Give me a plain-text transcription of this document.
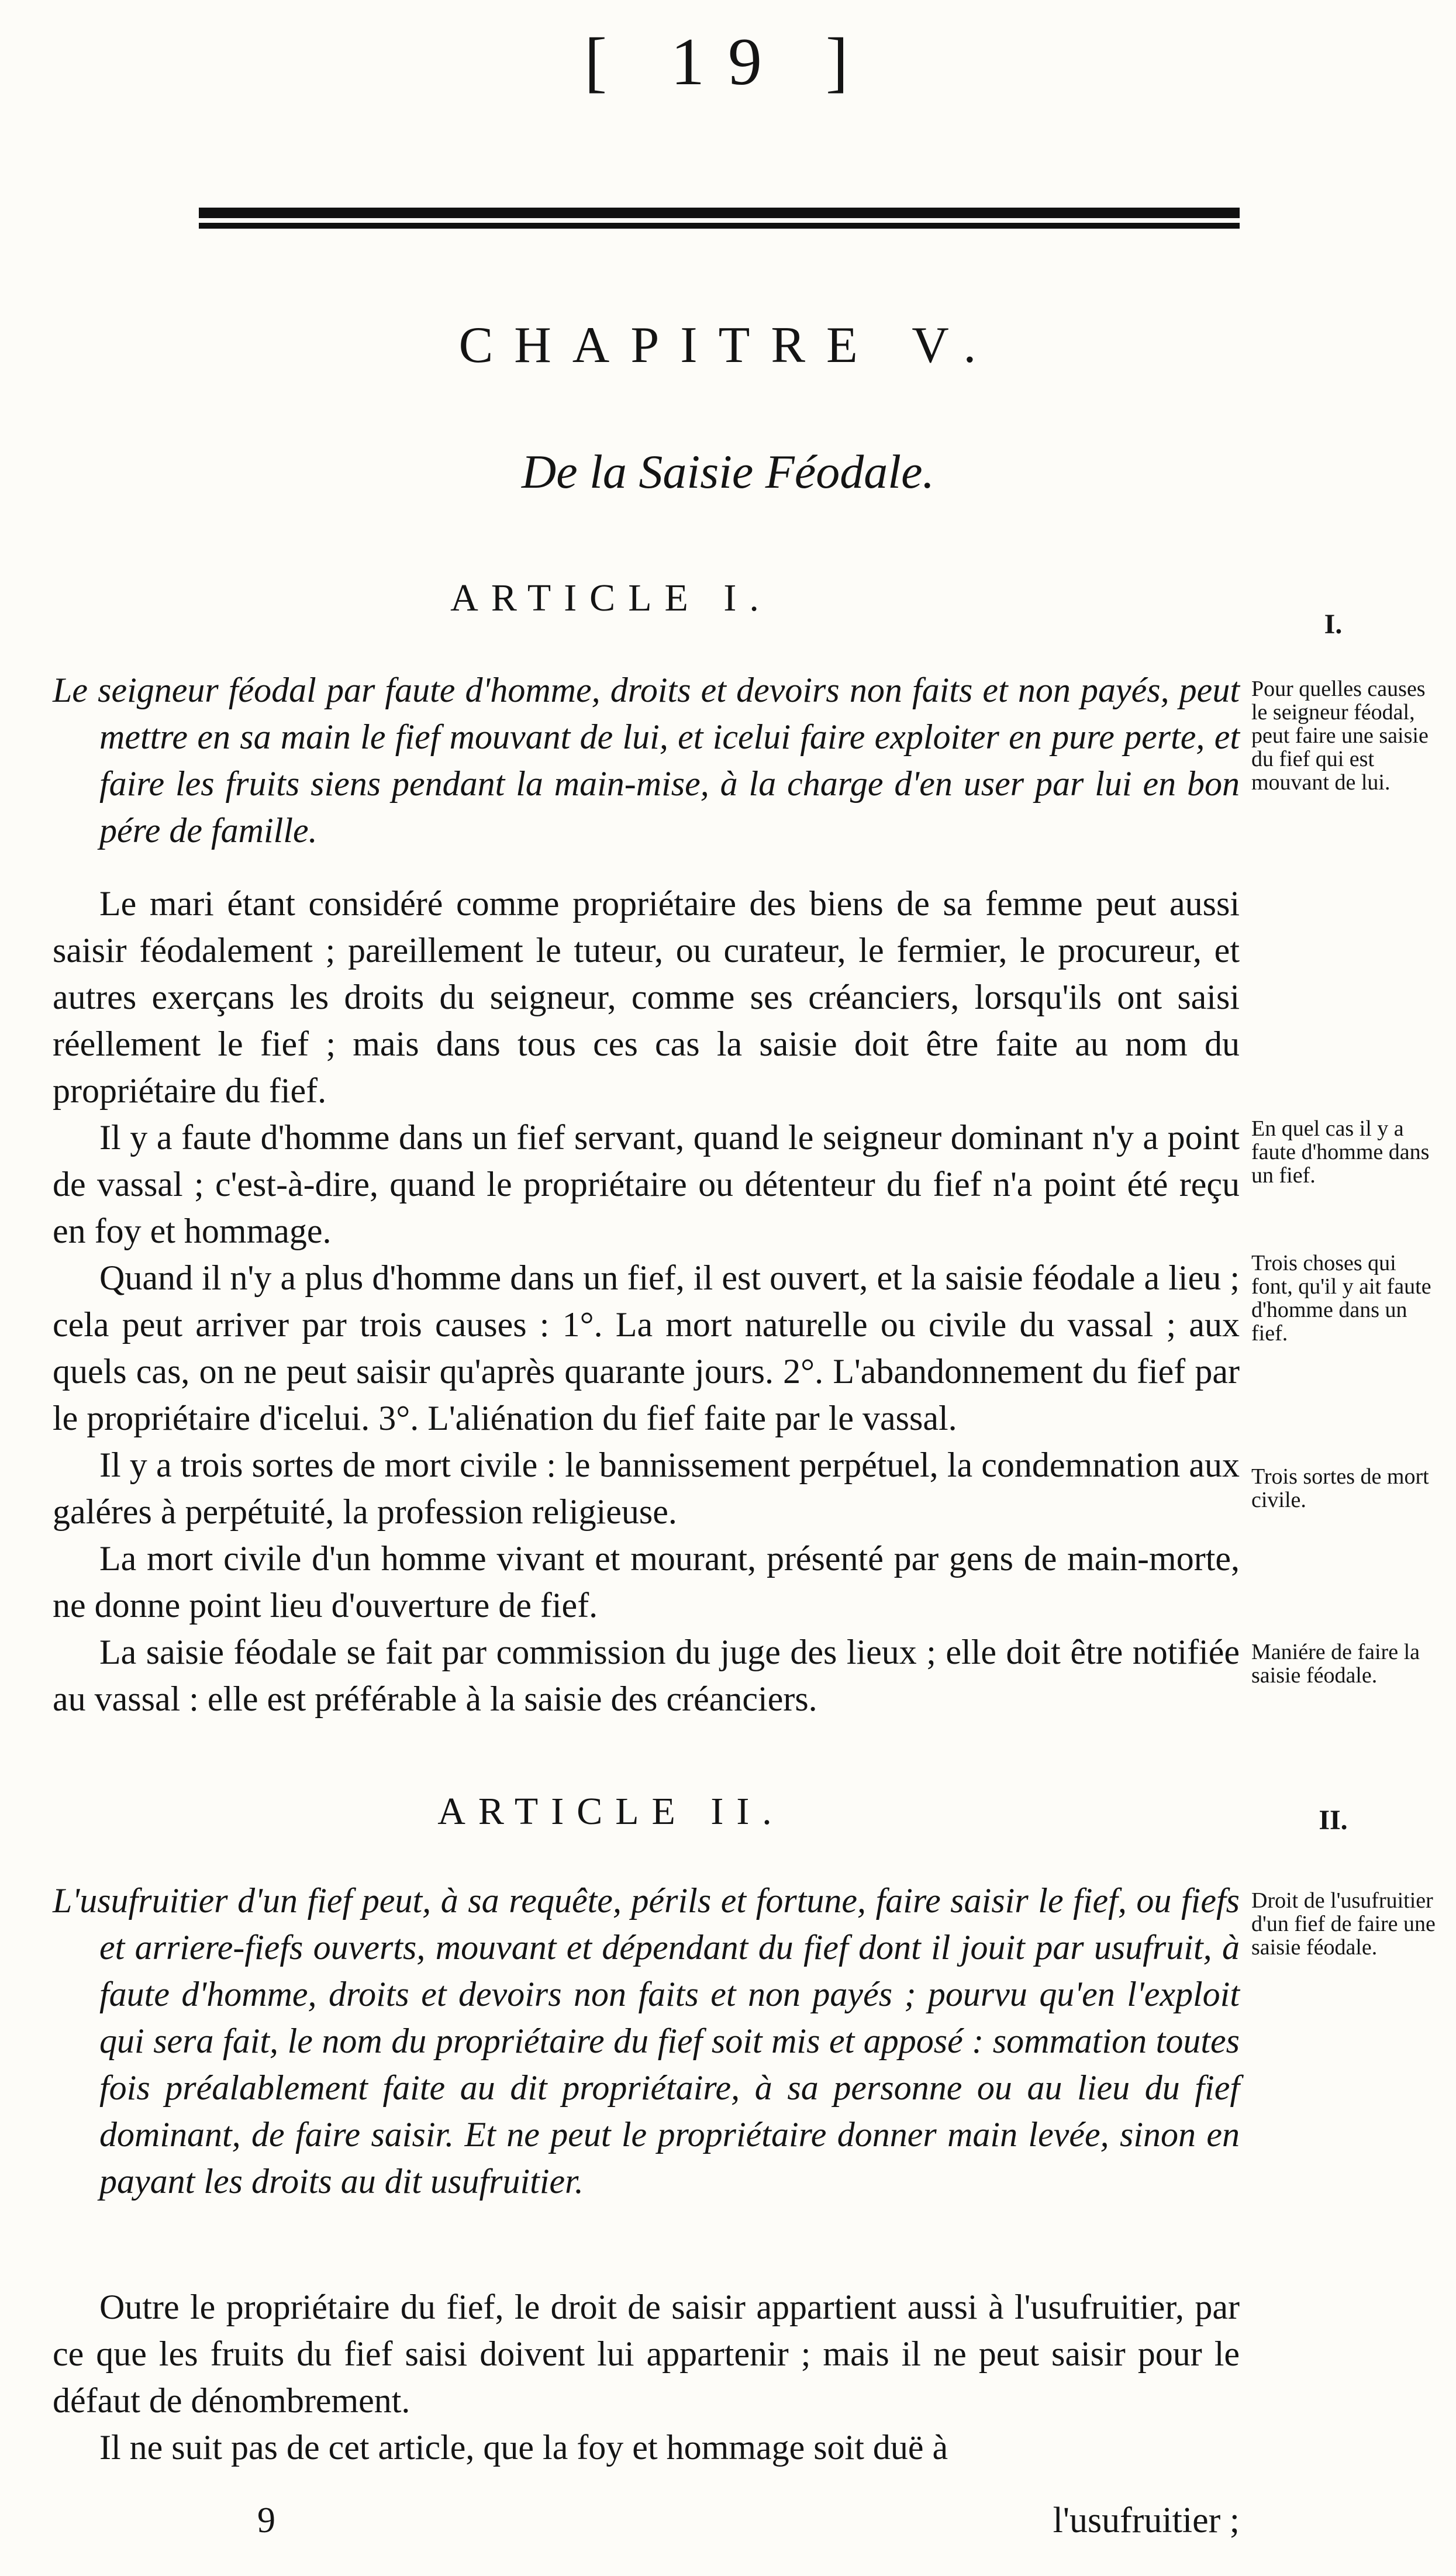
[ 19 ]
CHAPITRE V.
De la Saisie Féodale.
ARTICLE I.
I.
Le seigneur féodal par faute d'homme, droits et devoirs non faits et non payés, peut mettre en sa main le fief mouvant de lui, et icelui faire exploiter en pure perte, et faire les fruits siens pendant la main-mise, à la charge d'en user par lui en bon pére de famille.
Pour quelles causes le seigneur féodal, peut faire une saisie du fief qui est mouvant de lui.

Le mari étant considéré comme propriétaire des biens de sa femme peut aussi saisir féodalement ; pareillement le tuteur, ou curateur, le fermier, le procureur, et autres exerçans les droits du seigneur, comme ses créanciers, lorsqu'ils ont saisi réellement le fief ; mais dans tous ces cas la saisie doit être faite au nom du propriétaire du fief.

Il y a faute d'homme dans un fief servant, quand le seigneur dominant n'y a point de vassal ; c'est-à-dire, quand le propriétaire ou détenteur du fief n'a point été reçu en foy et hommage.

Quand il n'y a plus d'homme dans un fief, il est ouvert, et la saisie féodale a lieu ; cela peut arriver par trois causes : 1°. La mort naturelle ou civile du vassal ; aux quels cas, on ne peut saisir qu'après quarante jours. 2°. L'abandonnement du fief par le propriétaire d'icelui. 3°. L'aliénation du fief faite par le vassal.

Il y a trois sortes de mort civile : le bannissement perpétuel, la condemnation aux galéres à perpétuité, la profession religieuse.

La mort civile d'un homme vivant et mourant, présenté par gens de main-morte, ne donne point lieu d'ouverture de fief.

La saisie féodale se fait par commission du juge des lieux ; elle doit être notifiée au vassal : elle est préférable à la saisie des créanciers.

En quel cas il y a faute d'homme dans un fief.
Trois choses qui font, qu'il y ait faute d'homme dans un fief.
Trois sortes de mort civile.
Maniére de faire la saisie féodale.
ARTICLE II.	II.
L'usufruitier d'un fief peut, à sa requête, périls et fortune, faire saisir le fief, ou fiefs et arriere-fiefs ouverts, mouvant et dépendant du fief dont il jouit par usufruit, à faute d'homme, droits et devoirs non faits et non payés ; pourvu qu'en l'exploit qui sera fait, le nom du propriétaire du fief soit mis et apposé : sommation toutes fois préalablement faite au dit propriétaire, à sa personne ou au lieu du fief dominant, de faire saisir. Et ne peut le propriétaire donner main levée, sinon en payant les droits au dit usufruitier.
Droit de l'usufruitier d'un fief de faire une saisie féodale.

Outre le propriétaire du fief, le droit de saisir appartient aussi à l'usufruitier, par ce que les fruits du fief saisi doivent lui appartenir ; mais il ne peut saisir pour le défaut de dénombrement.

Il ne suit pas de cet article, que la foy et hommage soit duë à

9	l'usufruitier ;
